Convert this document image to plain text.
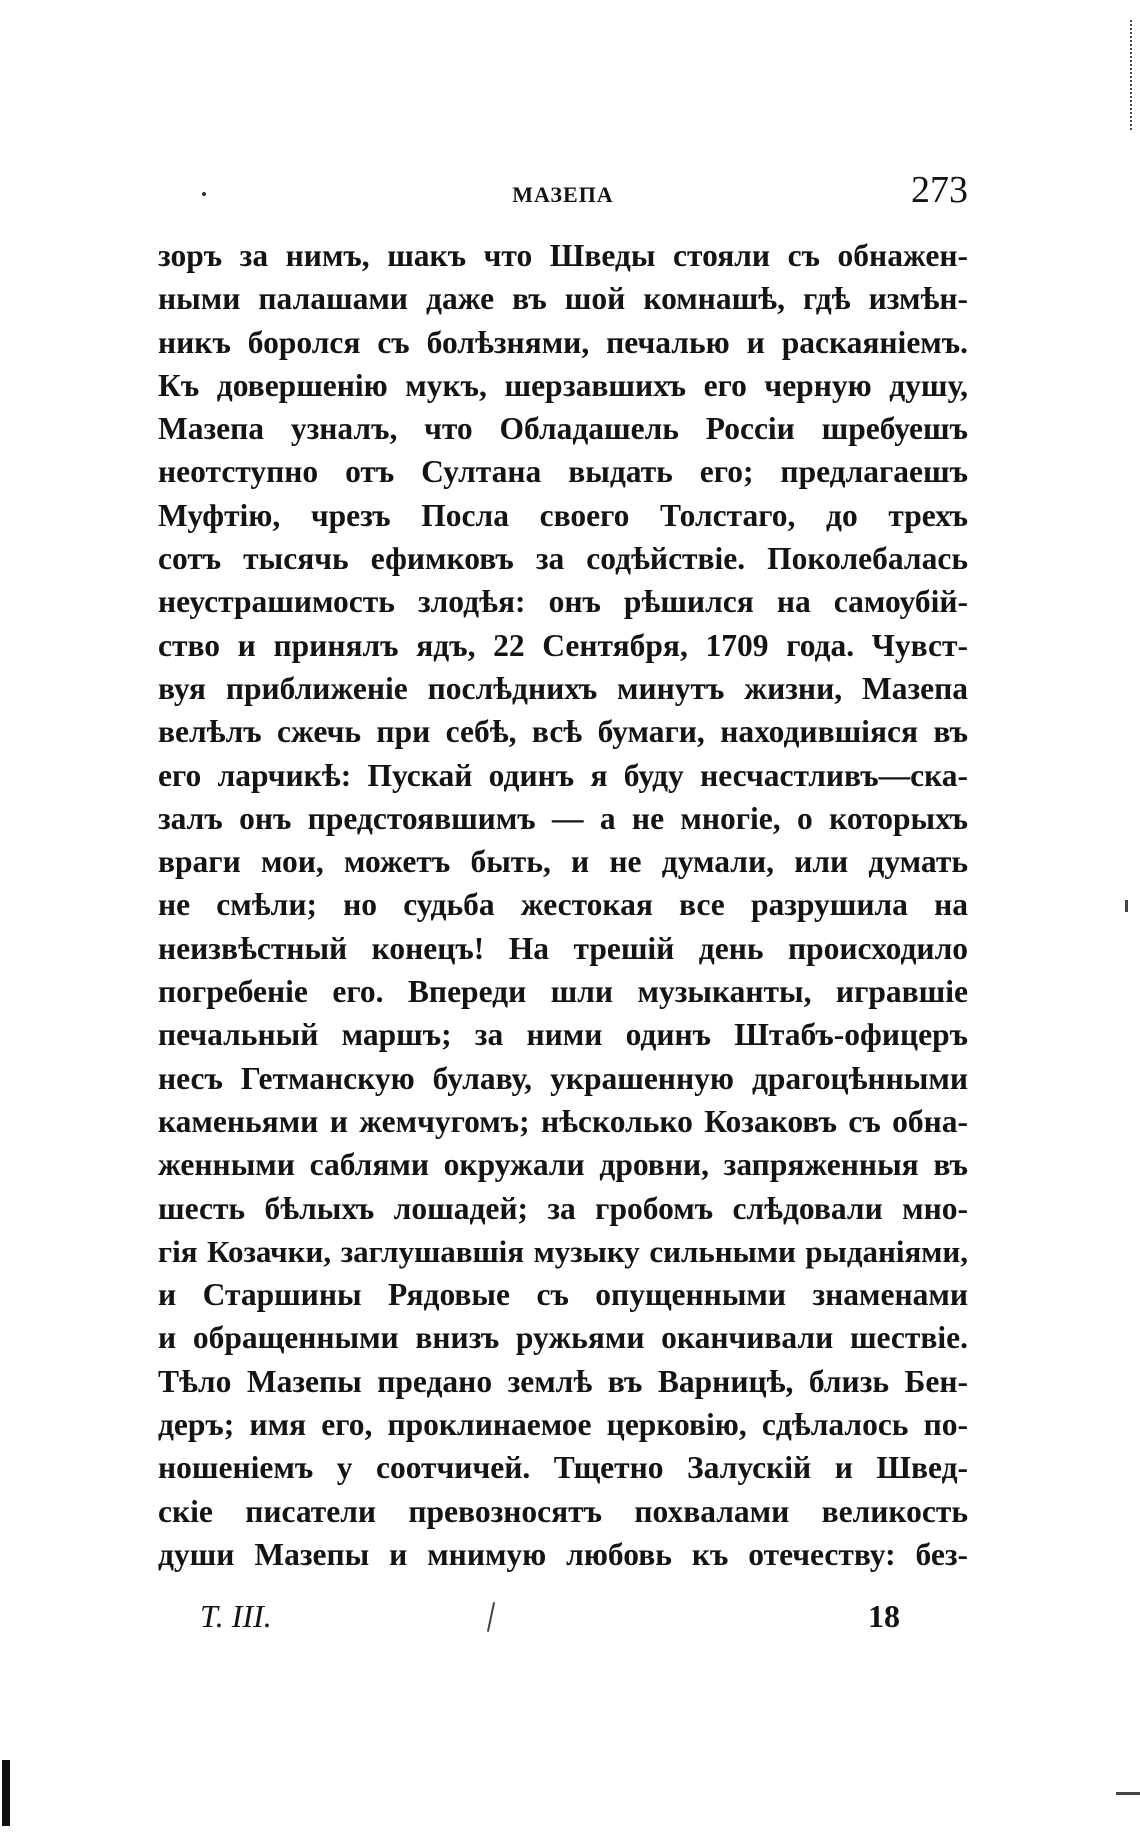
МАЗЕПА	273
зоръ за нимъ, шакъ что Шведы стояли съ обнажен-
ными палашами даже въ шой комнашѣ, гдѣ измѣн-
никъ боролся съ болѣзнями, печалью и раскаяніемъ.
Къ довершенію мукъ, шерзавшихъ его черную душу,
Мазепа узналъ, что Обладашель Россіи шребуешъ
неотступно отъ Султана выдать его; предлагаешъ
Муфтію, чрезъ Посла своего Толстаго, до трехъ
сотъ тысячь ефимковъ за содѣйствіе. Поколебалась
неустрашимость злодѣя: онъ рѣшился на самоубій-
ство и принялъ ядъ, 22 Сентября, 1709 года. Чувст-
вуя приближеніе послѣднихъ минутъ жизни, Мазепа
велѣлъ сжечь при себѣ, всѣ бумаги, находившіяся въ
его ларчикѣ: Пускай одинъ я буду несчастливъ—ска-
залъ онъ предстоявшимъ — а не многіе, о которыхъ
враги мои, можетъ быть, и не думали, или думать
не смѣли; но судьба жестокая все разрушила на
неизвѣстный конецъ! На трешій день происходило
погребеніе его. Впереди шли музыканты, игравшіе
печальный маршъ; за ними одинъ Штабъ-офицеръ
несъ Гетманскую булаву, украшенную драгоцѣнными
каменьями и жемчугомъ; нѣсколько Козаковъ съ обна-
женными саблями окружали дровни, запряженныя въ
шесть бѣлыхъ лошадей; за гробомъ слѣдовали мно-
гія Козачки, заглушавшія музыку сильными рыданіями,
и Старшины Рядовые съ опущенными знаменами
и обращенными внизъ ружьями оканчивали шествіе.
Тѣло Мазепы предано землѣ въ Варницѣ, близь Бен-
деръ; имя его, проклинаемое церковію, сдѣлалось по-
ношеніемъ у соотчичей. Тщетно Залускій и Швед-
скіе писатели превозносятъ похвалами великость
души Мазепы и мнимую любовь къ отечеству: без-
Т. III.	18
